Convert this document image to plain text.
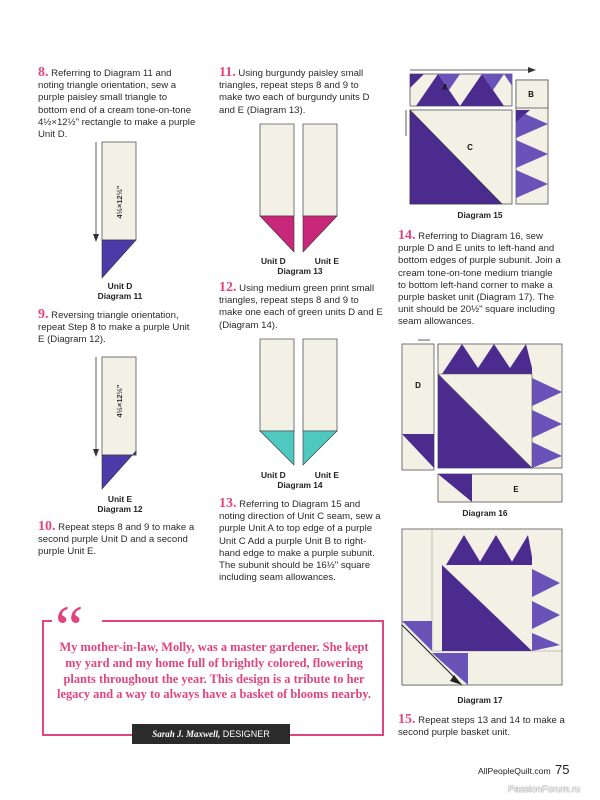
8. Referring to Diagram 11 and noting triangle orientation, sew a purple paisley small triangle to bottom end of a cream tone-on-tone 4½×12½" rectangle to make a purple Unit D.
4½×12½"
Unit D
Diagram 11
9. Reversing triangle orientation, repeat Step 8 to make a purple Unit E (Diagram 12).
4½×12½"
Unit E
Diagram 12
10. Repeat steps 8 and 9 to make a second purple Unit D and a second purple Unit E.
11. Using burgundy paisley small triangles, repeat steps 8 and 9 to make two each of burgundy units D and E (Diagram 13).
Unit D	Unit E
Diagram 13
12. Using medium green print small triangles, repeat steps 8 and 9 to make one each of green units D and E (Diagram 14).
Unit D	Unit E
Diagram 14
13. Referring to Diagram 15 and noting direction of Unit C seam, sew a purple Unit A to top edge of a purple Unit C Add a purple Unit B to right-hand edge to make a purple subunit. The subunit should be 16½" square including seam allowances.
A
C
B
Diagram 15
14. Referring to Diagram 16, sew purple D and E units to left-hand and bottom edges of purple subunit. Join a cream tone-on-tone medium triangle to bottom left-hand corner to make a purple basket unit (Diagram 17). The unit should be 20½" square including seam allowances.
D
E
Diagram 16
Diagram 17
15. Repeat steps 13 and 14 to make a second purple basket unit.
“
My mother-in-law, Molly, was a master gardener. She kept my yard and my home full of brightly colored, flowering plants throughout the year. This design is a tribute to her legacy and a way to always have a basket of blooms nearby.
Sarah J. Maxwell, DESIGNER
AllPeopleQuilt.com 75
PassionForum.ru
